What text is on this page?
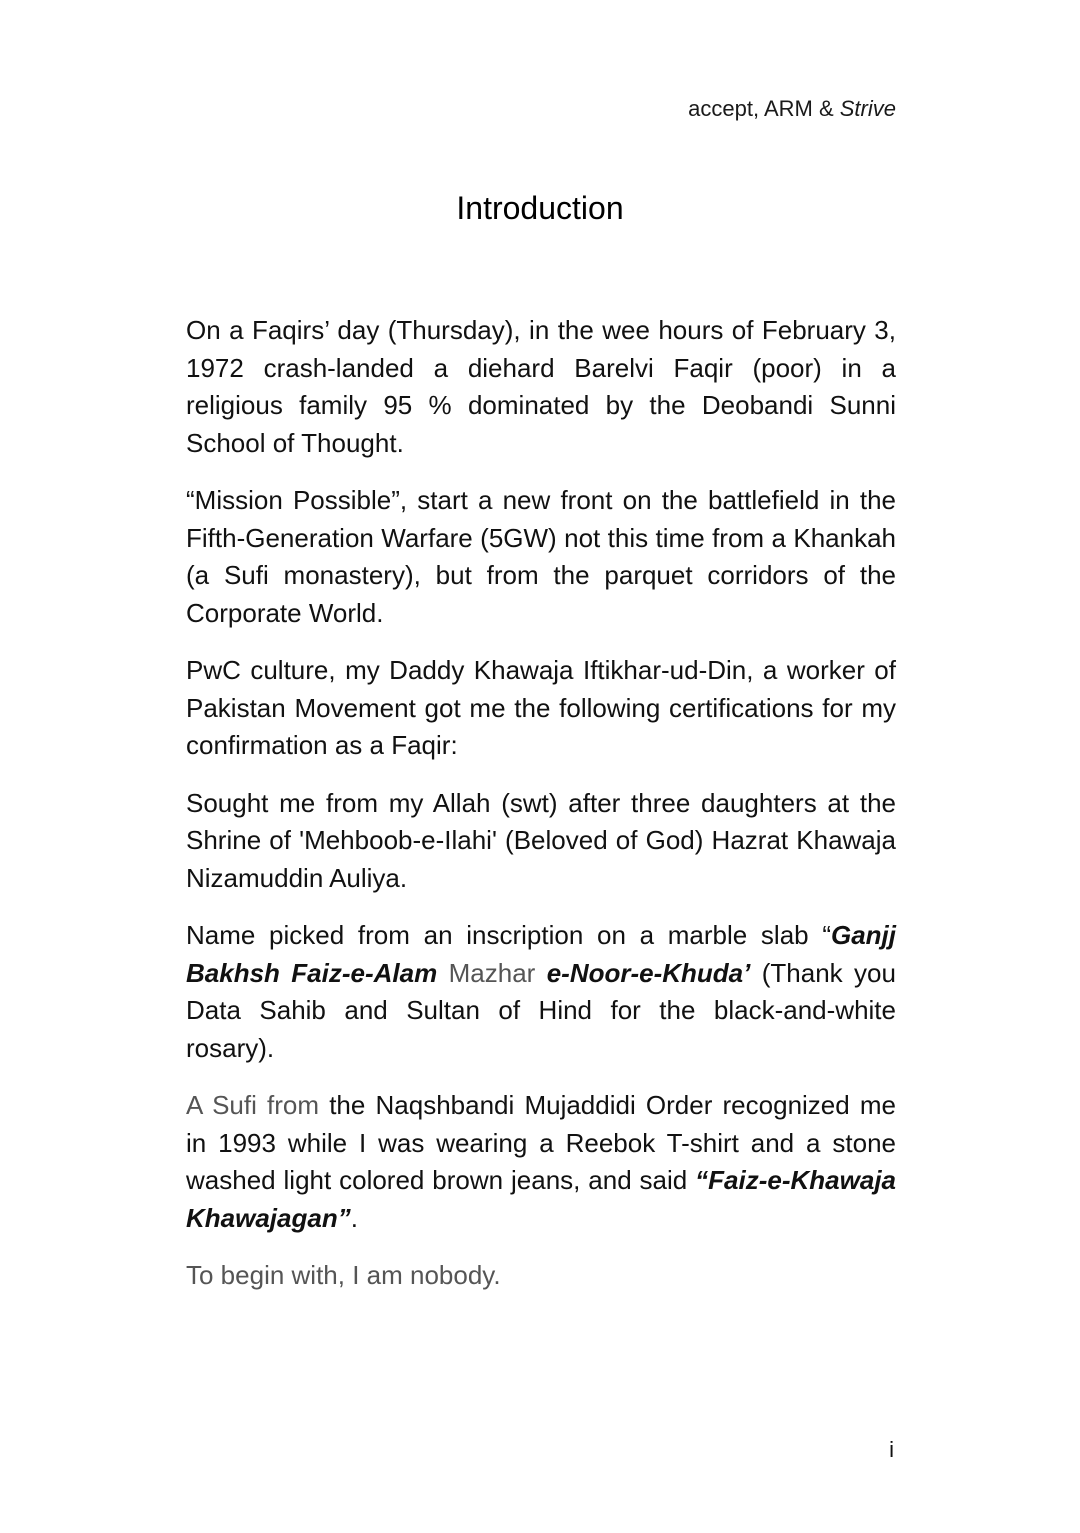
accept, ARM & Strive
Introduction

On a Faqirs’ day (Thursday), in the wee hours of February 3, 1972 crash-landed a diehard Barelvi Faqir (poor) in a religious family 95 % dominated by the Deobandi Sunni School of Thought.

“Mission Possible”, start a new front on the battlefield in the Fifth-Generation Warfare (5GW) not this time from a Khankah (a Sufi monastery), but from the parquet corridors of the Corporate World.

PwC culture, my Daddy Khawaja Iftikhar-ud-Din, a worker of Pakistan Movement got me the following certifications for my confirmation as a Faqir:

Sought me from my Allah (swt) after three daughters at the Shrine of 'Mehboob-e-Ilahi' (Beloved of God) Hazrat Khawaja Nizamuddin Auliya.

Name picked from an inscription on a marble slab “Ganjj Bakhsh Faiz-e-Alam Mazhar e-Noor-e-Khuda’ (Thank you Data Sahib and Sultan of Hind for the black-and-white rosary).

A Sufi from the Naqshbandi Mujaddidi Order recognized me in 1993 while I was wearing a Reebok T-shirt and a stone washed light colored brown jeans, and said “Faiz-e-Khawaja Khawajagan”.

To begin with, I am nobody.

i
